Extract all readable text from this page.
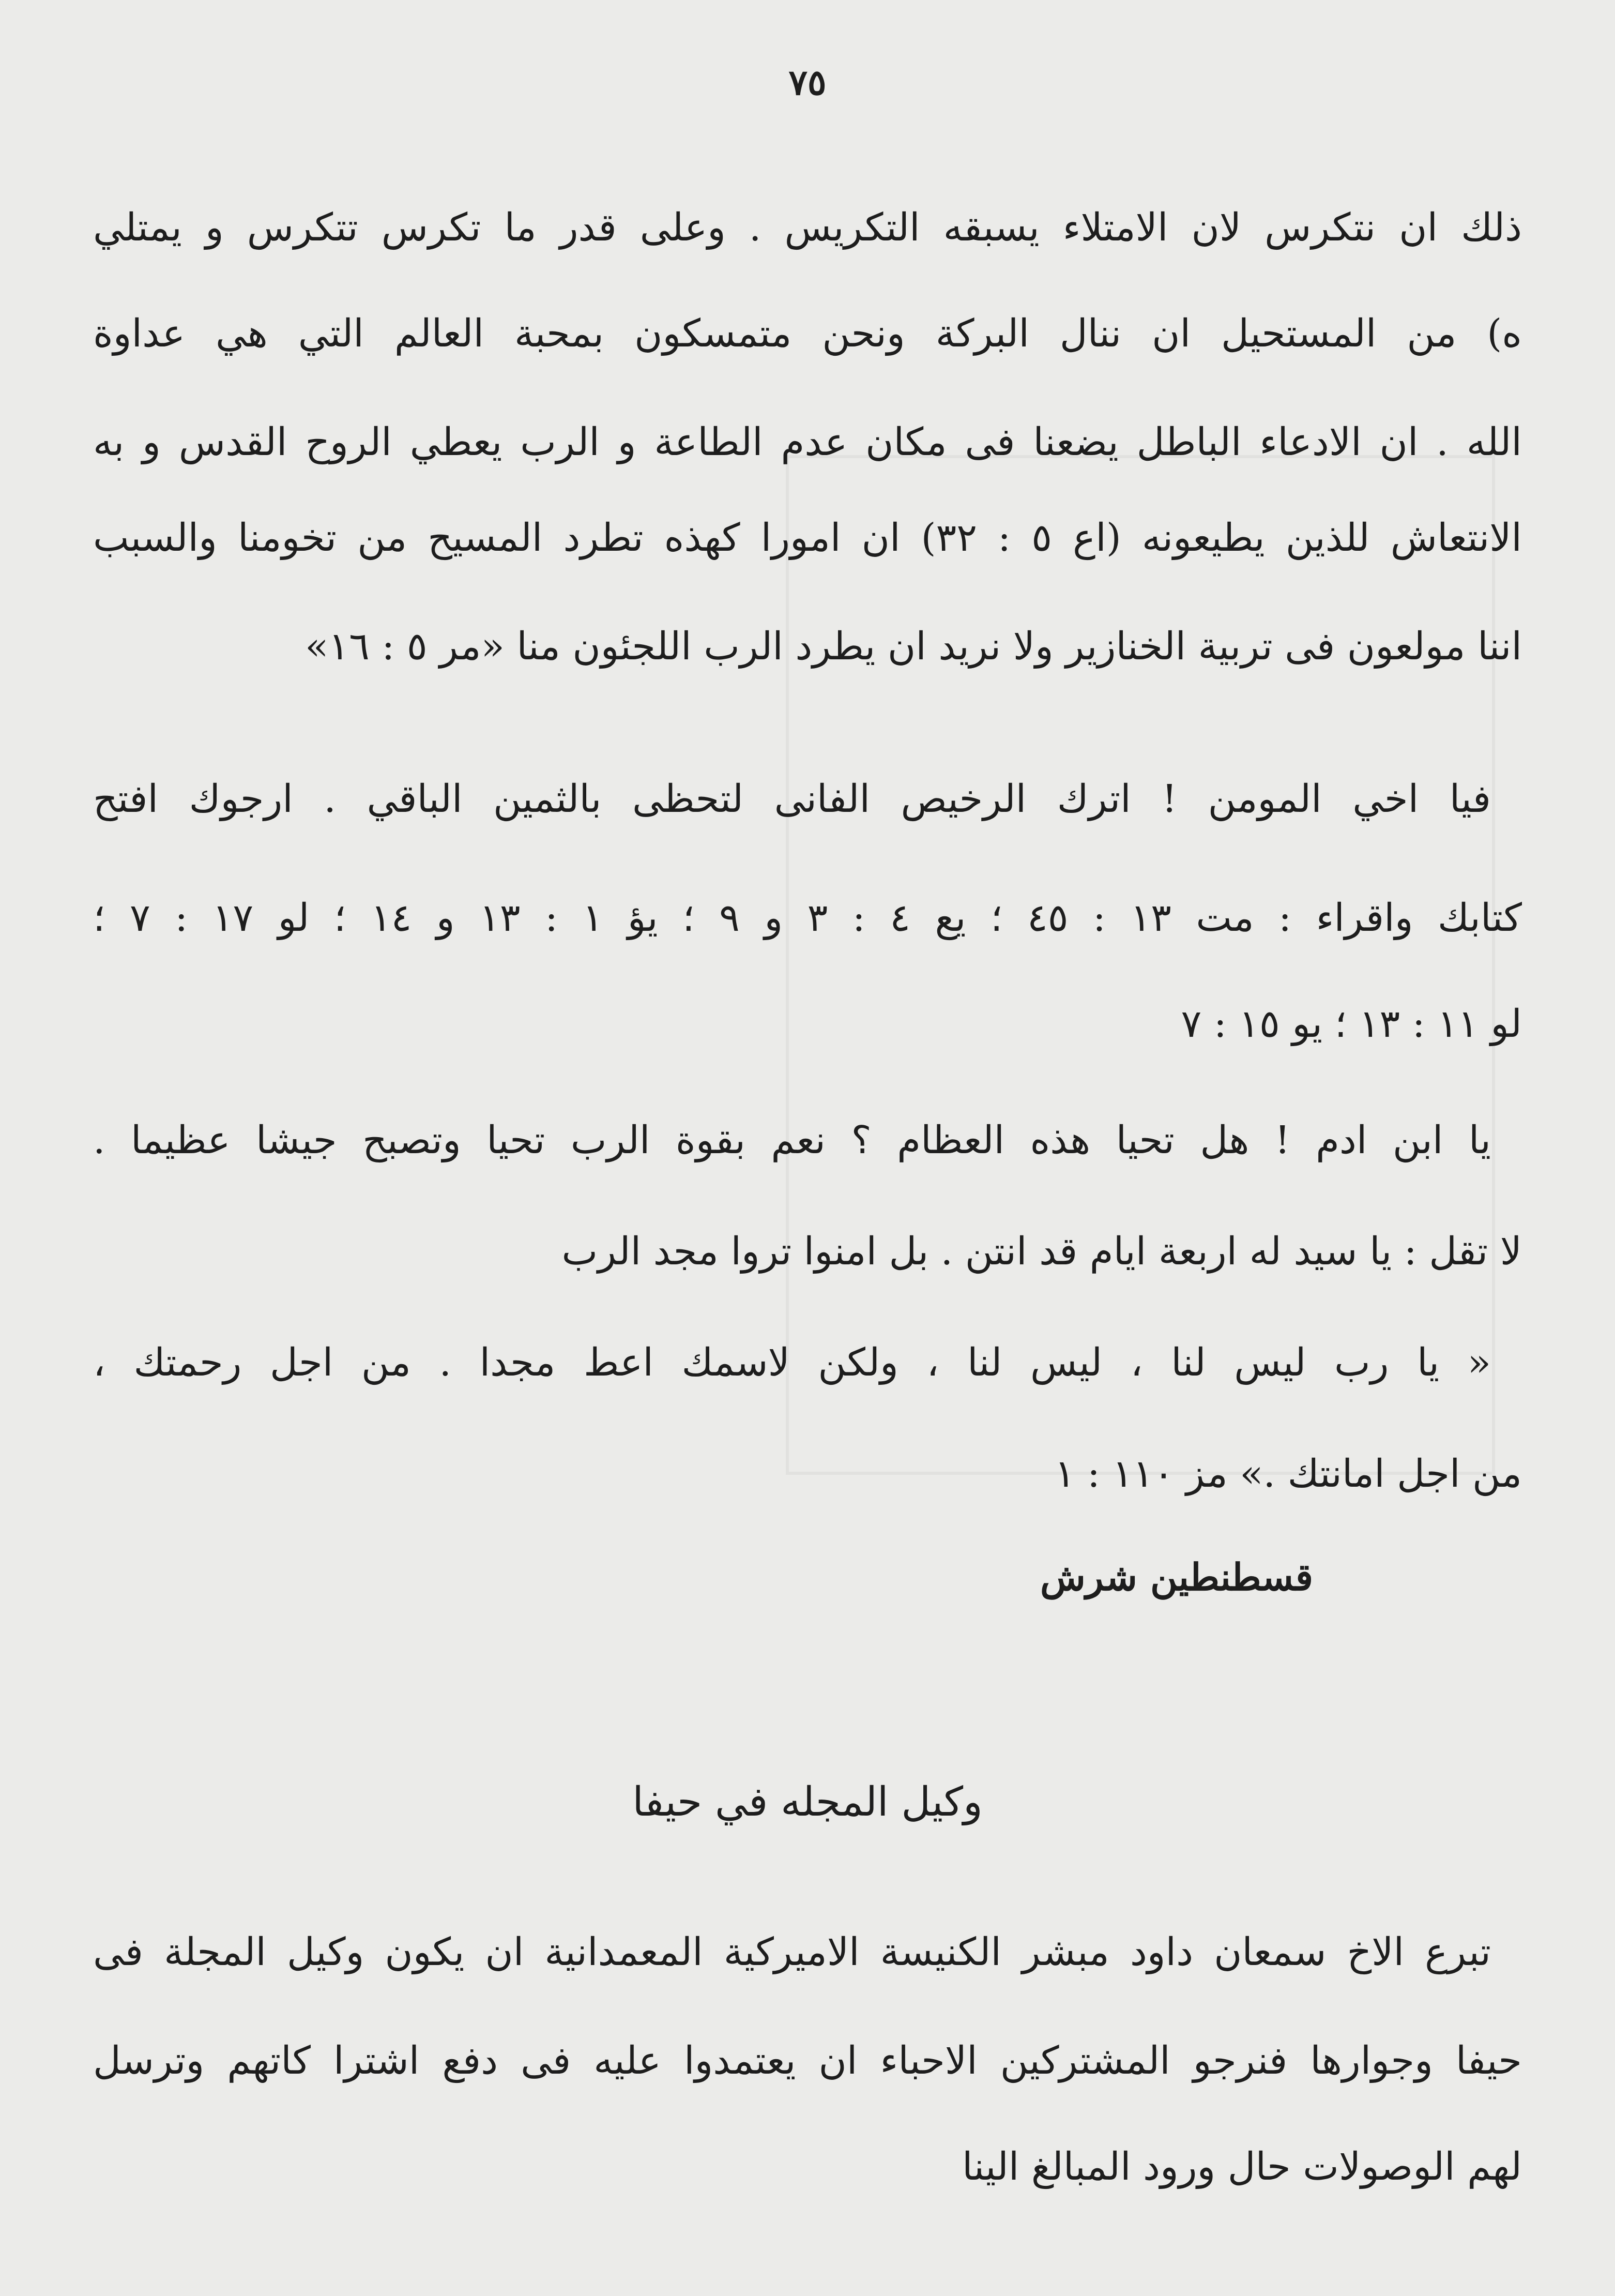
٧٥
ذلك ان نتكرس لان الامتلاء يسبقه التكريس . وعلى قدر ما تكرس تتكرس و يمتلي
ه) من المستحيل ان ننال البركة ونحن متمسكون بمحبة العالم التي هي عداوة
الله . ان الادعاء الباطل يضعنا فى مكان عدم الطاعة و الرب يعطي الروح القدس و به
الانتعاش للذين يطيعونه (اع ٥ : ٣٢) ان امورا كهذه تطرد المسيح من تخومنا والسبب
اننا مولعون فى تربية الخنازير ولا نريد ان يطرد الرب اللجئون منا «مر ٥ : ١٦»
فيا اخي المومن ! اترك الرخيص الفانى لتحظى بالثمين الباقي . ارجوك افتح
كتابك واقراء : مت ١٣ : ٤٥ ؛ يع ٤ : ٣ و ٩ ؛ يؤ ١ : ١٣ و ١٤ ؛ لو ١٧ : ٧ ؛
لو ١١ : ١٣ ؛ يو ١٥ : ٧
يا ابن ادم ! هل تحيا هذه العظام ؟ نعم بقوة الرب تحيا وتصبح جيشا عظيما .
لا تقل : يا سيد له اربعة ايام قد انتن . بل امنوا تروا مجد الرب
« يا رب ليس لنا ، ليس لنا ، ولكن لاسمك اعط مجدا . من اجل رحمتك ،
من اجل امانتك .» مز ١١٠ : ١
قسطنطين شرش
وكيل المجله في حيفا
تبرع الاخ سمعان داود مبشر الكنيسة الاميركية المعمدانية ان يكون وكيل المجلة فى
حيفا وجوارها فنرجو المشتركين الاحباء ان يعتمدوا عليه فى دفع اشترا كاتهم وترسل
لهم الوصولات حال ورود المبالغ الينا
